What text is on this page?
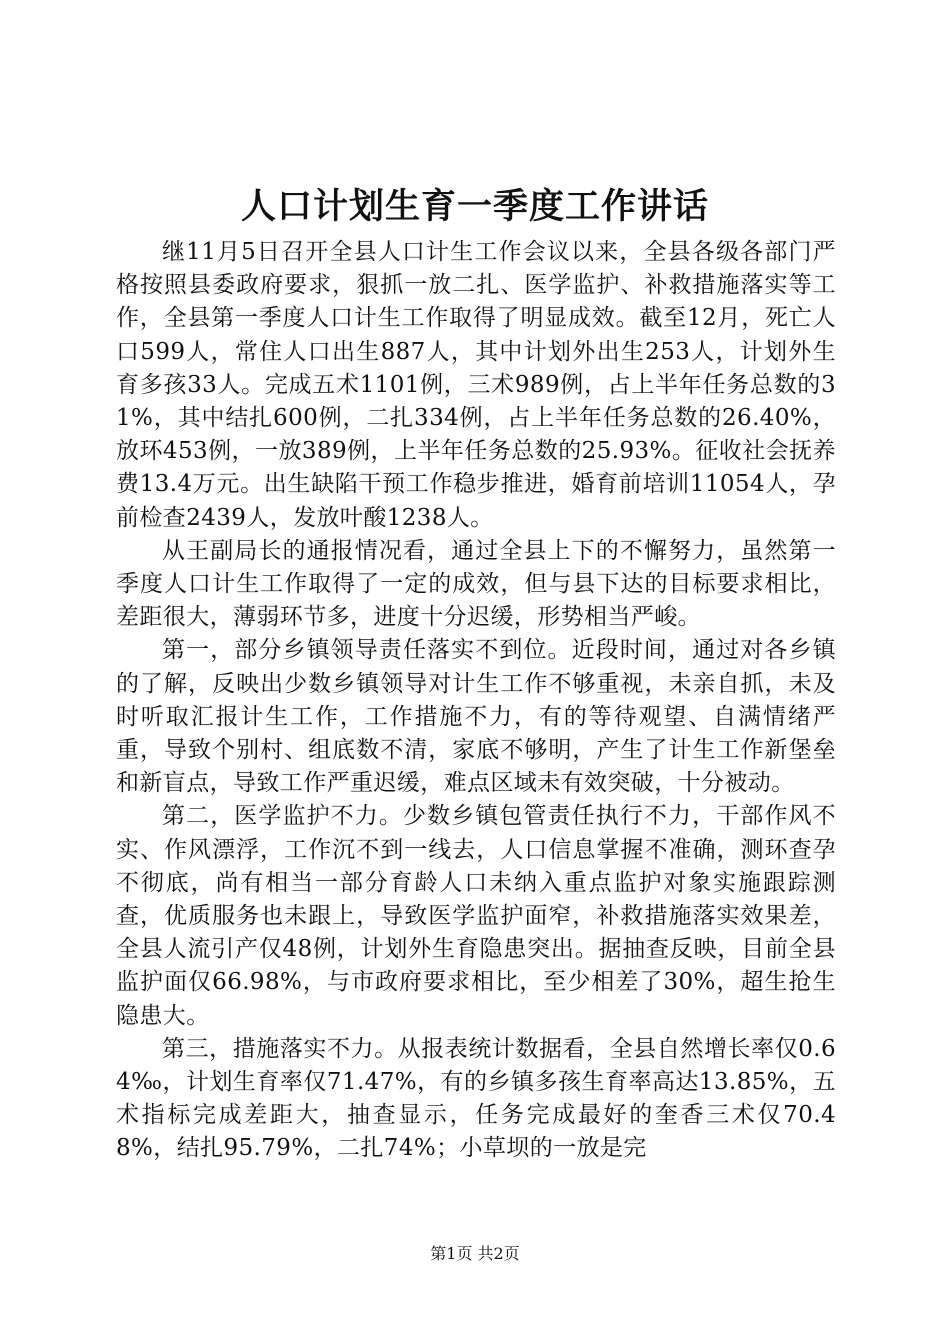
人口计划生育一季度工作讲话

继11月5日召开全县人口计生工作会议以来，全县各级各部门严格按照县委政府要求，狠抓一放二扎、医学监护、补救措施落实等工作，全县第一季度人口计生工作取得了明显成效。截至12月，死亡人口599人，常住人口出生887人，其中计划外出生253人，计划外生育多孩33人。完成五术1101例，三术989例，占上半年任务总数的31%，其中结扎600例，二扎334例，占上半年任务总数的26.40%，放环453例，一放389例，上半年任务总数的25.93%。征收社会抚养费13.4万元。出生缺陷干预工作稳步推进，婚育前培训11054人，孕前检查2439人，发放叶酸1238人。

从王副局长的通报情况看，通过全县上下的不懈努力，虽然第一季度人口计生工作取得了一定的成效，但与县下达的目标要求相比，差距很大，薄弱环节多，进度十分迟缓，形势相当严峻。

第一，部分乡镇领导责任落实不到位。近段时间，通过对各乡镇的了解，反映出少数乡镇领导对计生工作不够重视，未亲自抓，未及时听取汇报计生工作，工作措施不力，有的等待观望、自满情绪严重，导致个别村、组底数不清，家底不够明，产生了计生工作新堡垒和新盲点，导致工作严重迟缓，难点区域未有效突破，十分被动。

第二，医学监护不力。少数乡镇包管责任执行不力，干部作风不实、作风漂浮，工作沉不到一线去，人口信息掌握不准确，测环查孕不彻底，尚有相当一部分育龄人口未纳入重点监护对象实施跟踪测查，优质服务也未跟上，导致医学监护面窄，补救措施落实效果差，全县人流引产仅48例，计划外生育隐患突出。据抽查反映，目前全县监护面仅66.98%，与市政府要求相比，至少相差了30%，超生抢生隐患大。

第三，措施落实不力。从报表统计数据看，全县自然增长率仅0.64‰，计划生育率仅71.47%，有的乡镇多孩生育率高达13.85%，五术指标完成差距大，抽查显示，任务完成最好的奎香三术仅70.48%，结扎95.79%，二扎74%；小草坝的一放是完

第1页 共2页
